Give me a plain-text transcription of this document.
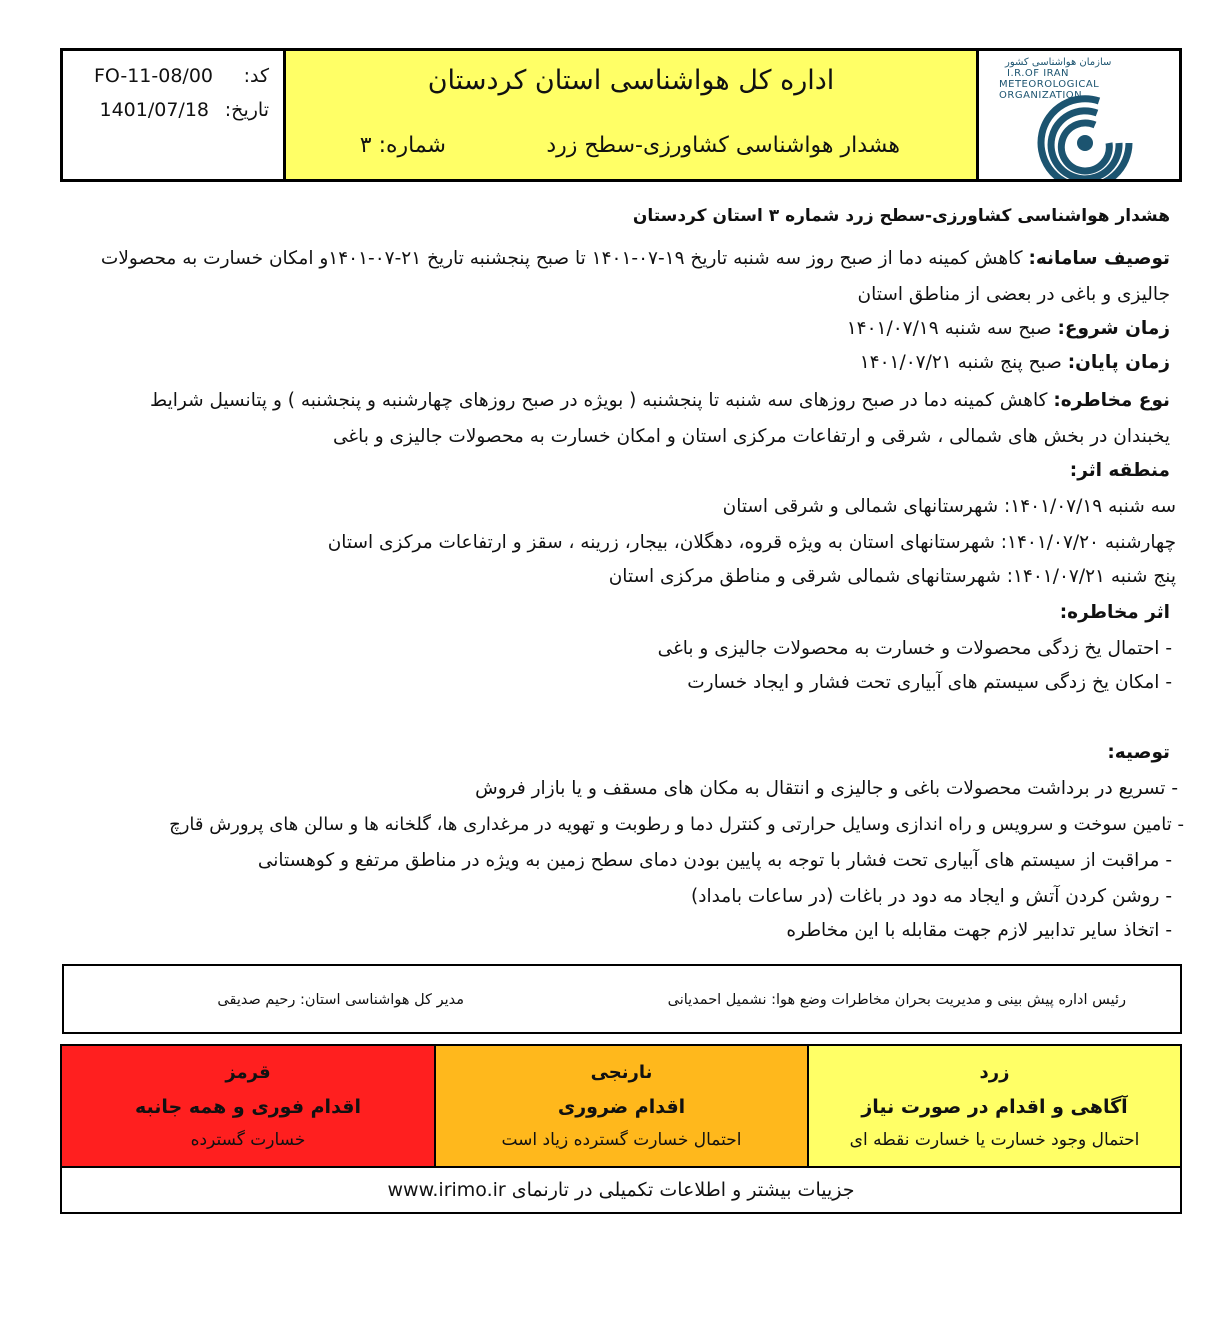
کد:
FO-11-08/00
تاریخ:
1401/07/18
اداره کل هواشناسی استان کردستان
هشدار هواشناسی کشاورزی-سطح زرد
شماره: ۳
سازمان هواشناسی کشور
I.R.OF IRAN
METEOROLOGICAL
ORGANIZATION
هشدار هواشناسی کشاورزی-سطح زرد شماره ۳ استان کردستان
توصیف سامانه: کاهش کمینه دما از صبح روز سه شنبه تاریخ ۱۹-۰۷-۱۴۰۱ تا صبح پنجشنبه تاریخ ۲۱-۰۷-۱۴۰۱و امکان خسارت به محصولات
جالیزی و باغی در بعضی از مناطق استان
زمان شروع: صبح سه شنبه ۱۴۰۱/۰۷/۱۹
زمان پایان: صبح پنج شنبه ۱۴۰۱/۰۷/۲۱
نوع مخاطره: کاهش کمینه دما در صبح روزهای سه شنبه تا پنجشنبه ( بویژه در صبح روزهای چهارشنبه و پنجشنبه ) و پتانسیل شرایط
یخبندان در بخش های شمالی ، شرقی و ارتفاعات مرکزی استان و امکان خسارت به محصولات جالیزی و باغی
منطقه اثر:
سه شنبه ۱۴۰۱/۰۷/۱۹: شهرستانهای شمالی و شرقی استان
چهارشنبه ۱۴۰۱/۰۷/۲۰: شهرستانهای استان به ویژه قروه، دهگلان، بیجار، زرینه ، سقز و ارتفاعات مرکزی استان
پنج شنبه ۱۴۰۱/۰۷/۲۱: شهرستانهای شمالی شرقی و مناطق مرکزی استان
اثر مخاطره:
- احتمال یخ زدگی محصولات و خسارت به محصولات جالیزی و باغی
- امکان یخ زدگی سیستم های آبیاری تحت فشار و ایجاد خسارت
توصیه:
- تسریع در برداشت محصولات باغی و جالیزی و انتقال به مکان های مسقف و یا بازار فروش
- تامین سوخت و سرویس و راه اندازی وسایل حرارتی و کنترل دما و رطوبت و تهویه در مرغداری ها، گلخانه ها و سالن های پرورش قارچ
- مراقبت از سیستم های آبیاری تحت فشار با توجه به پایین بودن دمای سطح زمین به ویژه در مناطق مرتفع و کوهستانی
- روشن کردن آتش و ایجاد مه دود در باغات (در ساعات بامداد)
- اتخاذ سایر تدابیر لازم جهت مقابله با این مخاطره
رئیس اداره پیش بینی و مدیریت بحران مخاطرات وضع هوا: نشمیل احمدیانی
مدیر کل هواشناسی استان: رحیم صدیقی
قرمز
اقدام فوری و همه جانبه
خسارت گسترده
نارنجی
اقدام ضروری
احتمال خسارت گسترده زیاد است
زرد
آگاهی و اقدام در صورت نیاز
احتمال وجود خسارت یا خسارت نقطه ای
جزییات بیشتر و اطلاعات تکمیلی در تارنمای www.irimo.ir
